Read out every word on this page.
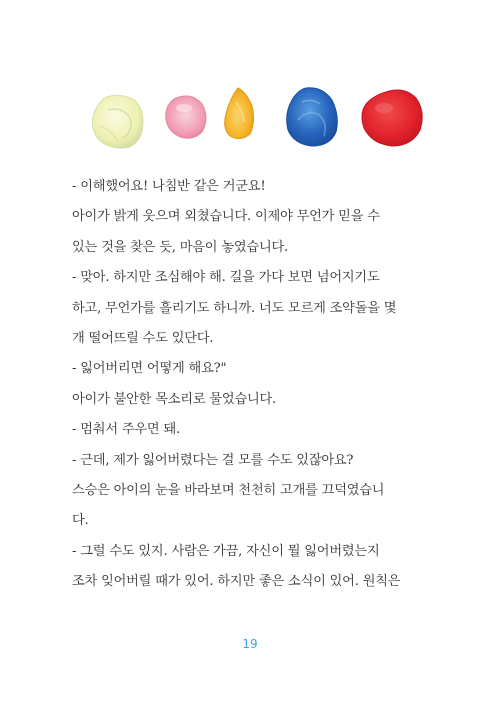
- 이해했어요! 나침반 같은 거군요!
아이가 밝게 웃으며 외쳤습니다. 이제야 무언가 믿을 수
있는 것을 찾은 듯, 마음이 놓였습니다.
- 맞아. 하지만 조심해야 해. 길을 가다 보면 넘어지기도
하고, 무언가를 흘리기도 하니까. 너도 모르게 조약돌을 몇
개 떨어뜨릴 수도 있단다.
- 잃어버리면 어떻게 해요?"
아이가 불안한 목소리로 물었습니다.
- 멈춰서 주우면 돼.
- 근데, 제가 잃어버렸다는 걸 모를 수도 있잖아요?
스승은 아이의 눈을 바라보며 천천히 고개를 끄덕였습니
다.
- 그럴 수도 있지. 사람은 가끔, 자신이 뭘 잃어버렸는지
조차 잊어버릴 때가 있어. 하지만 좋은 소식이 있어. 원칙은
19
